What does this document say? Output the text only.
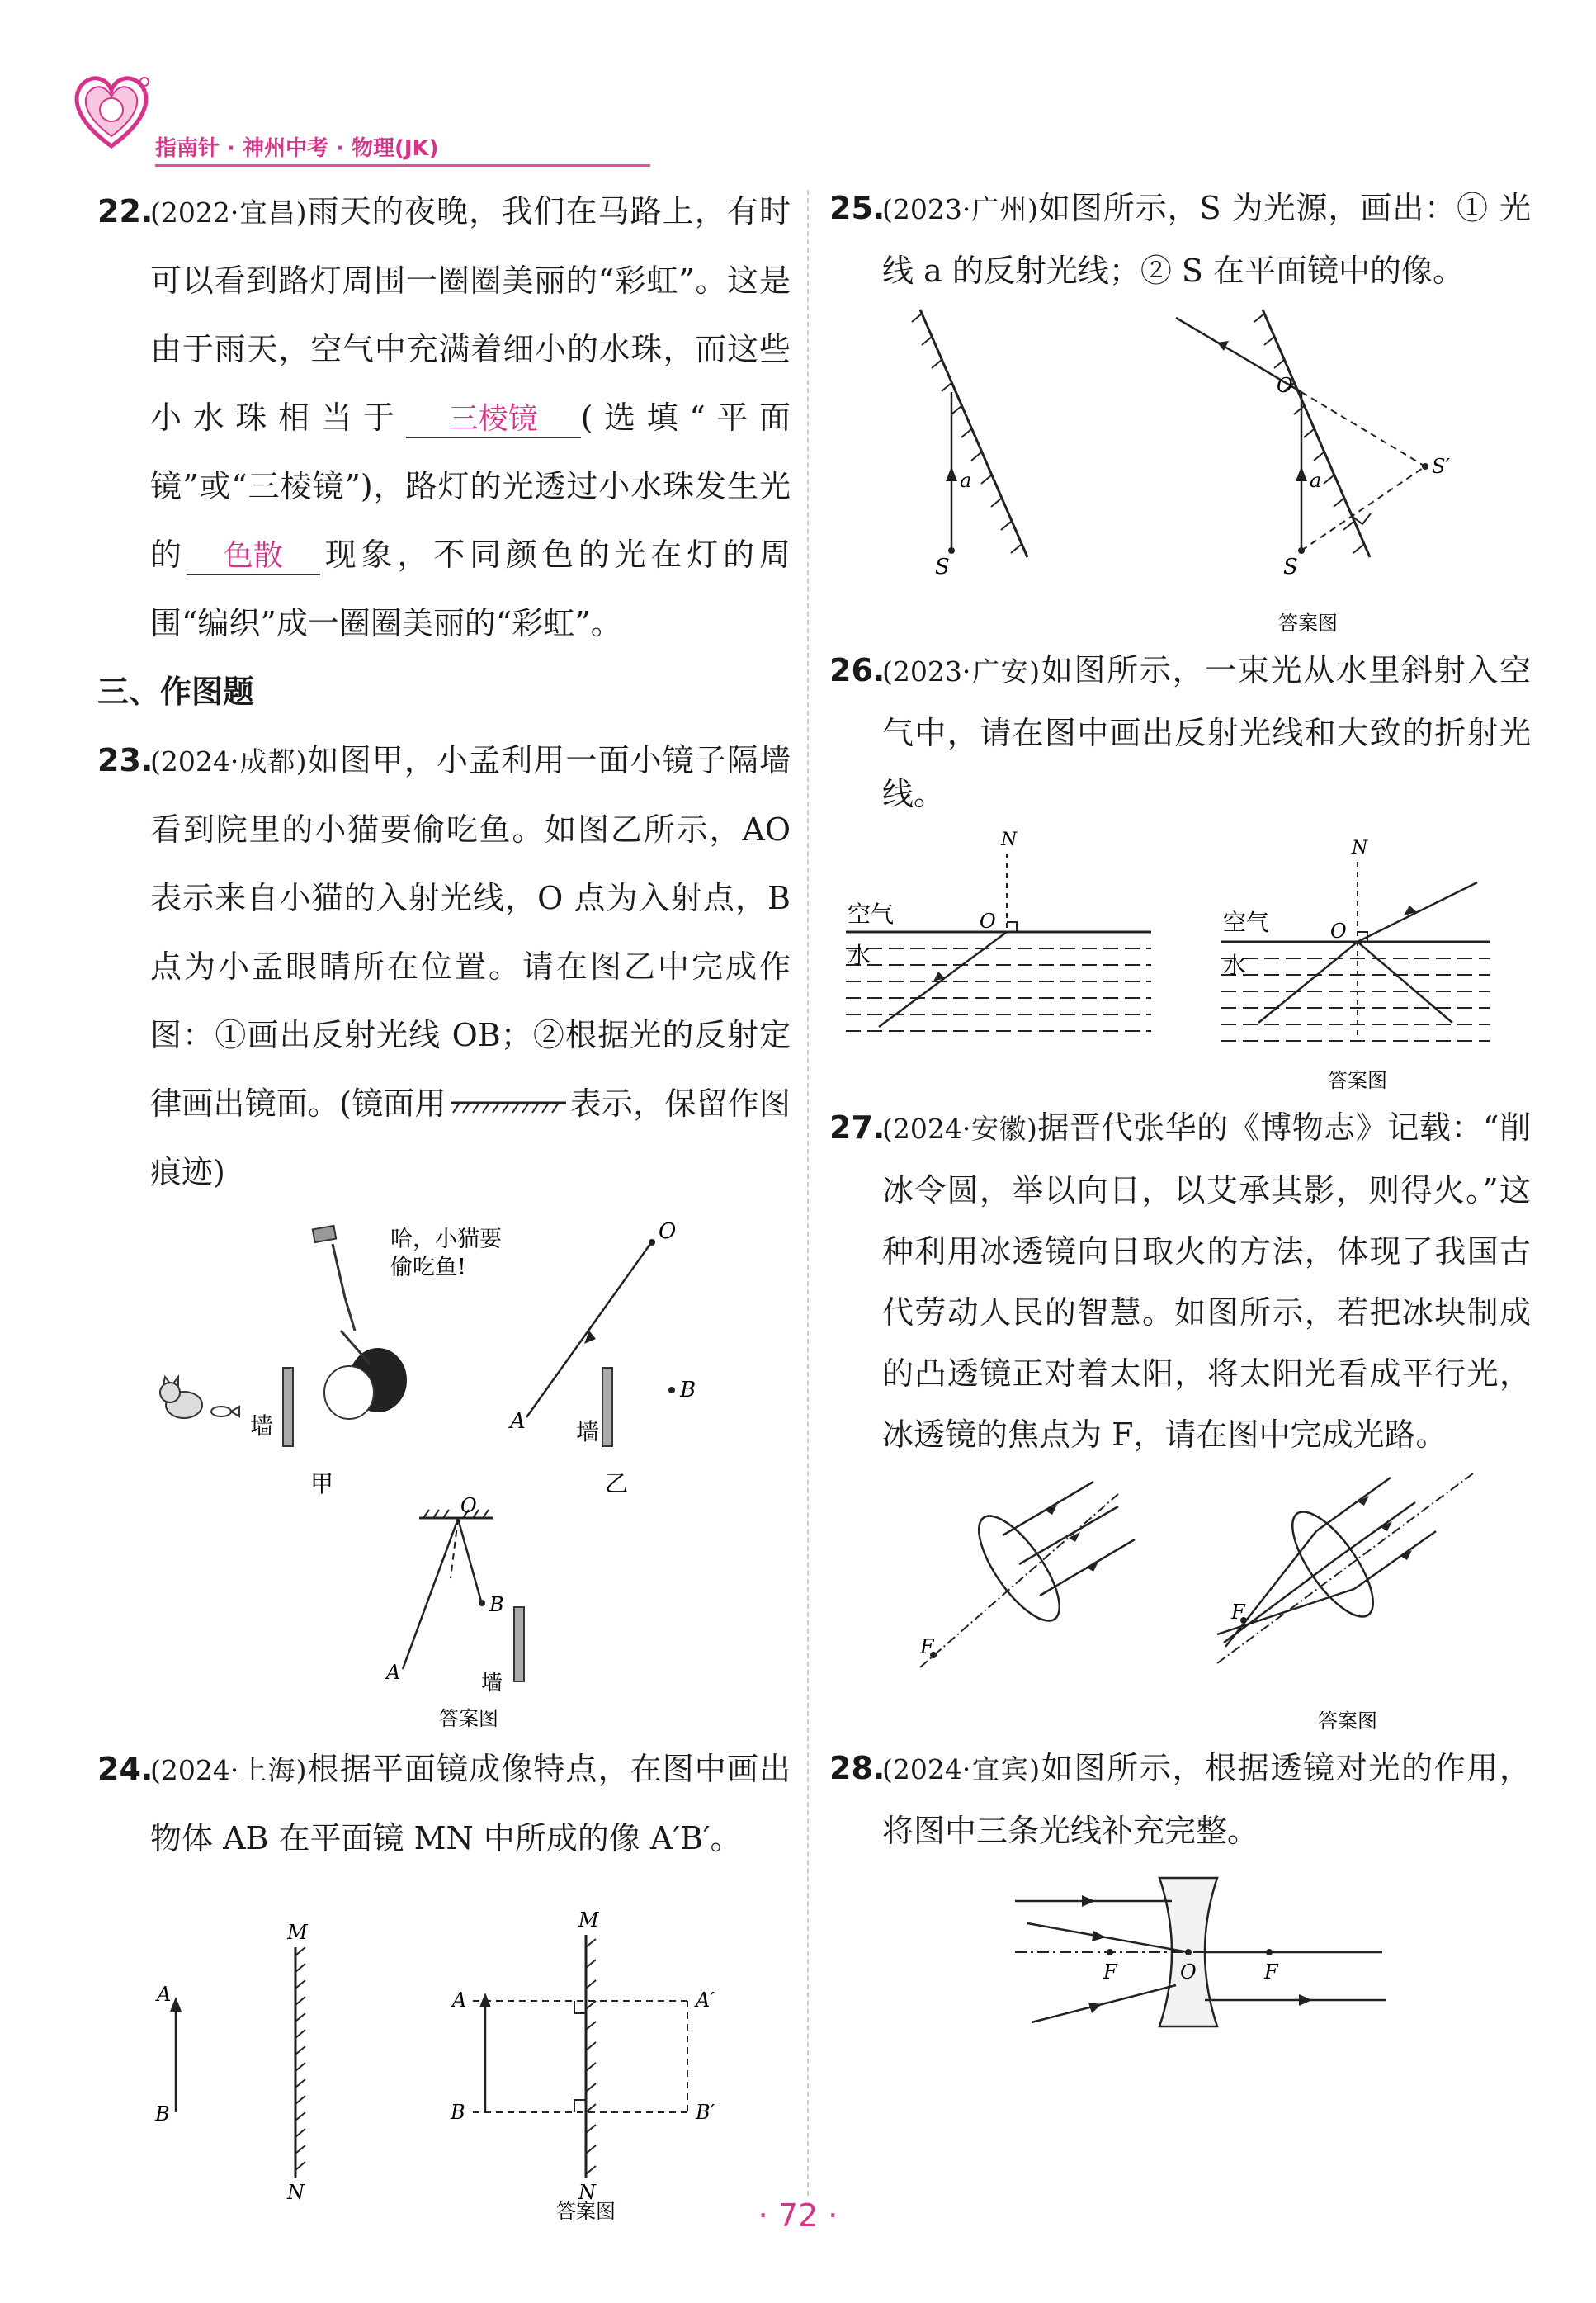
指南针 · 神州中考 · 物理(JK)
22.
(2022·宜昌)雨天的夜晚，我们在马路上，有时可以看到路灯周围一圈圈美丽的“彩虹”。这是由于雨天，空气中充满着细小的水珠，而这些小水珠相当于 三棱镜 (选填“平面镜”或“三棱镜”)，路灯的光透过小水珠发生光的 色散 现象，不同颜色的光在灯的周围“编织”成一圈圈美丽的“彩虹”。
三、作图题
23.
(2024·成都)如图甲，小孟利用一面小镜子隔墙看到院里的小猫要偷吃鱼。如图乙所示，AO 表示来自小猫的入射光线，O 点为入射点，B 点为小孟眼睛所在位置。请在图乙中完成作图：①画出反射光线 OB；②根据光的反射定律画出镜面。(镜面用	表示，保留作图痕迹)
墙
哈，小猫要
偷吃鱼!
甲
O
A
B
墙
乙
O
A
B
墙
答案图
24.
(2024·上海)根据平面镜成像特点，在图中画出物体 AB 在平面镜 MN 中所成的像 A′B′。
A
B
M
N
A
B
A′
B′
M
N
答案图
25.
(2023·广州)如图所示，S 为光源，画出：① 光线 a 的反射光线；② S 在平面镜中的像。
S
a
S
S′
O
a
答案图
26.
(2023·广安)如图所示，一束光从水里斜射入空气中，请在图中画出反射光线和大致的折射光线。
N
O
空气
水
N
O
空气
水
答案图
27.
(2024·安徽)据晋代张华的《博物志》记载：“削冰令圆，举以向日，以艾承其影，则得火。”这种利用冰透镜向日取火的方法，体现了我国古代劳动人民的智慧。如图所示，若把冰块制成的凸透镜正对着太阳，将太阳光看成平行光，冰透镜的焦点为 F，请在图中完成光路。
F
F
答案图
28.
(2024·宜宾)如图所示，根据透镜对光的作用，将图中三条光线补充完整。
F	O	F
· 72 ·
